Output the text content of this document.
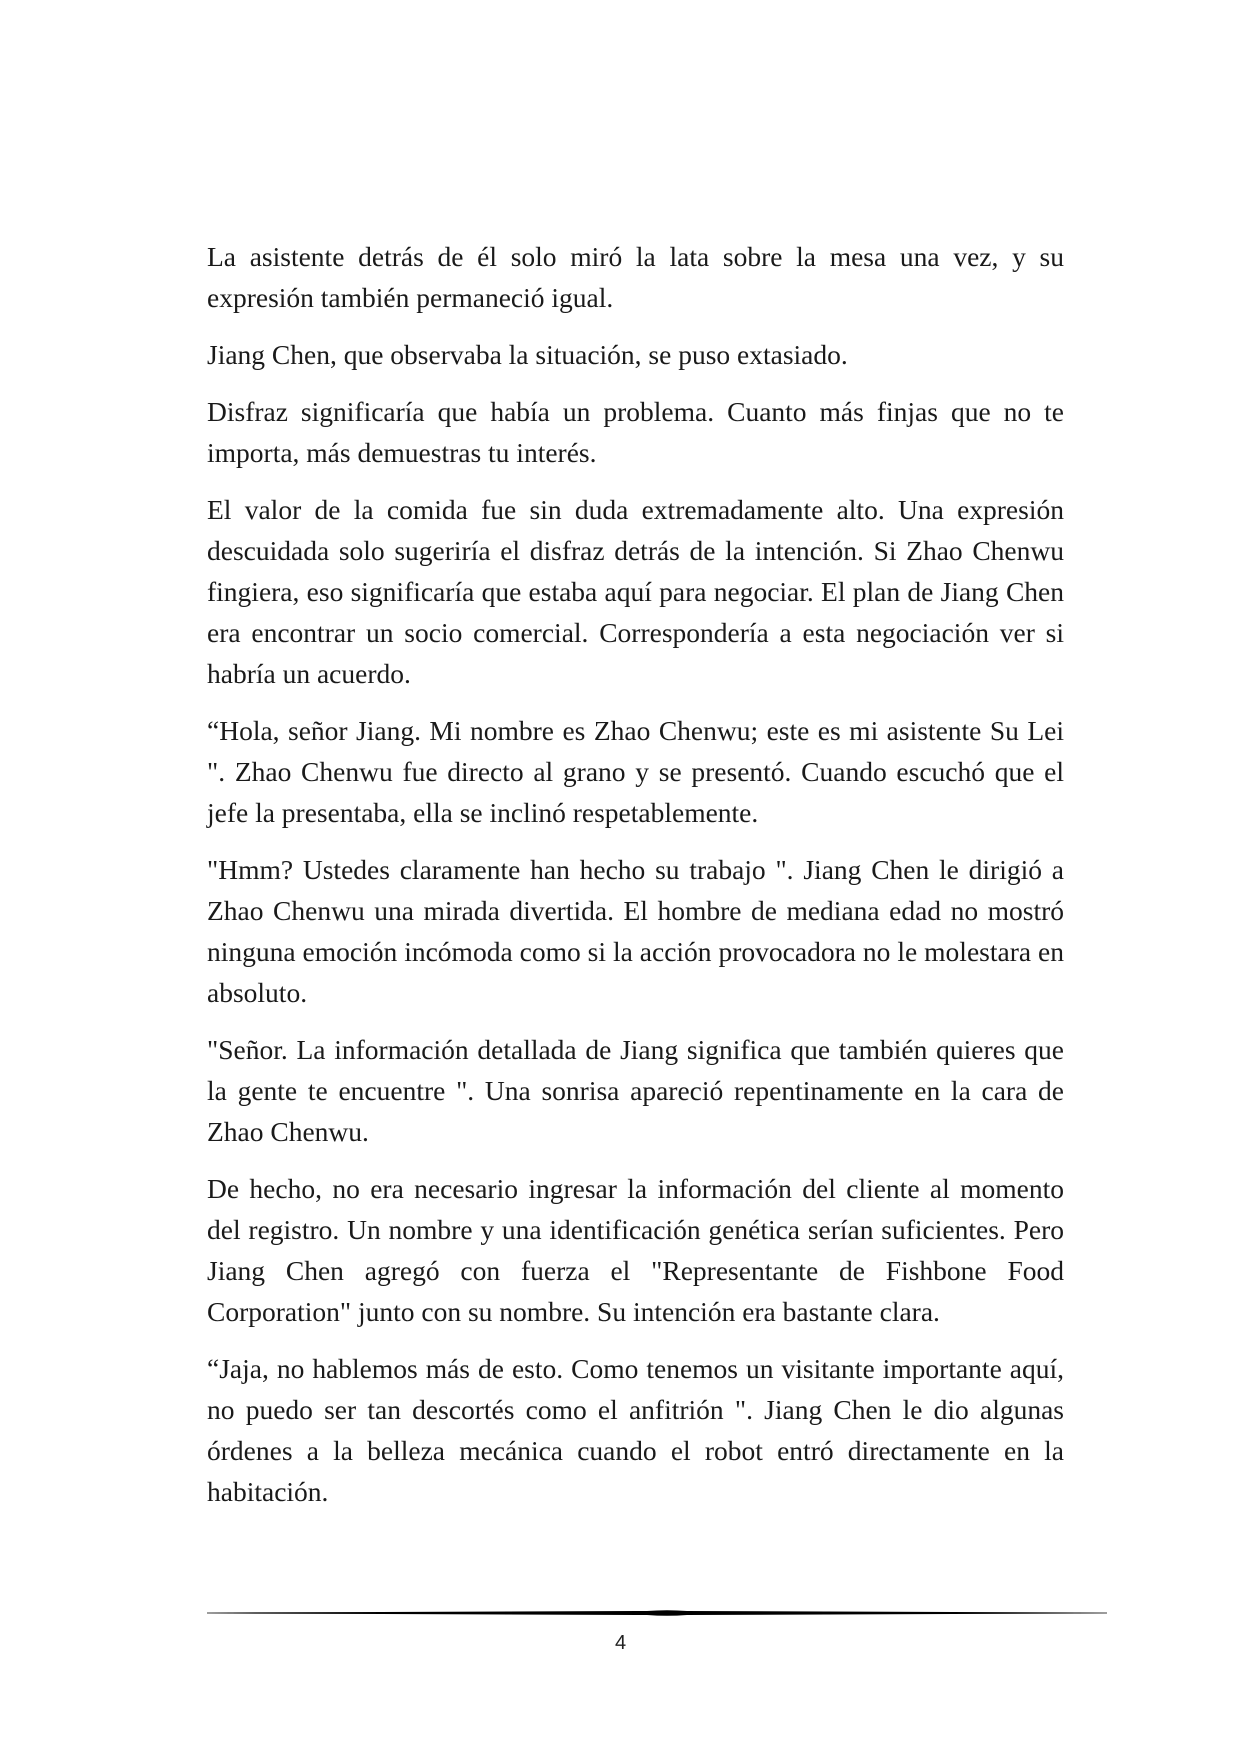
La asistente detrás de él solo miró la lata sobre la mesa una vez, y su expresión también permaneció igual.

Jiang Chen, que observaba la situación, se puso extasiado.

Disfraz significaría que había un problema. Cuanto más finjas que no te importa, más demuestras tu interés.

El valor de la comida fue sin duda extremadamente alto. Una expresión descuidada solo sugeriría el disfraz detrás de la intención. Si Zhao Chenwu fingiera, eso significaría que estaba aquí para negociar. El plan de Jiang Chen era encontrar un socio comercial. Correspondería a esta negociación ver si habría un acuerdo.

“Hola, señor Jiang. Mi nombre es Zhao Chenwu; este es mi asistente Su Lei ". Zhao Chenwu fue directo al grano y se presentó. Cuando escuchó que el jefe la presentaba, ella se inclinó respetablemente.

"Hmm? Ustedes claramente han hecho su trabajo ". Jiang Chen le dirigió a Zhao Chenwu una mirada divertida. El hombre de mediana edad no mostró ninguna emoción incómoda como si la acción provocadora no le molestara en absoluto.

"Señor. La información detallada de Jiang significa que también quieres que la gente te encuentre ". Una sonrisa apareció repentinamente en la cara de Zhao Chenwu.

De hecho, no era necesario ingresar la información del cliente al momento del registro. Un nombre y una identificación genética serían suficientes. Pero Jiang Chen agregó con fuerza el "Representante de Fishbone Food Corporation" junto con su nombre. Su intención era bastante clara.

“Jaja, no hablemos más de esto. Como tenemos un visitante importante aquí, no puedo ser tan descortés como el anfitrión ". Jiang Chen le dio algunas órdenes a la belleza mecánica cuando el robot entró directamente en la habitación.

4
